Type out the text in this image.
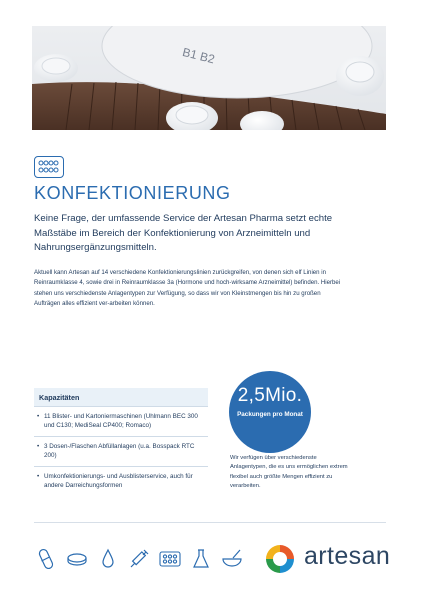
B1 B2
KONFEKTIONIERUNG

Keine Frage, der umfassende Service der Artesan Pharma setzt echte Maßstäbe im Bereich der Konfektionierung von Arzneimitteln und Nahrungsergänzungsmitteln.

Aktuell kann Artesan auf 14 verschiedene Konfektionierungslinien zurückgreifen, von denen sich elf Linien in Reinraumklasse 4, sowie drei in Reinraumklasse 3a (Hormone und hoch-wirksame Arzneimittel) befinden. Hierbei stehen uns verschiedenste Anlagentypen zur Verfügung, so dass wir von Kleinstmengen bis hin zu großen Aufträgen alles effizient ver-arbeiten können.

Kapazitäten
• 11 Blister- und Kartoniermaschinen (Uhlmann BEC 300 und C130; MediSeal CP400; Romaco)
• 3 Dosen-/Flaschen Abfüllanlagen (u.a. Bosspack RTC 200)
• Umkonfektionierungs- und Ausblisterservice, auch für andere Darreichungsformen
2,5Mio.
Packungen pro Monat

Wir verfügen über verschiedenste Anlagentypen, die es uns ermöglichen extrem flexibel auch größte Mengen effizient zu verarbeiten.

artesan
